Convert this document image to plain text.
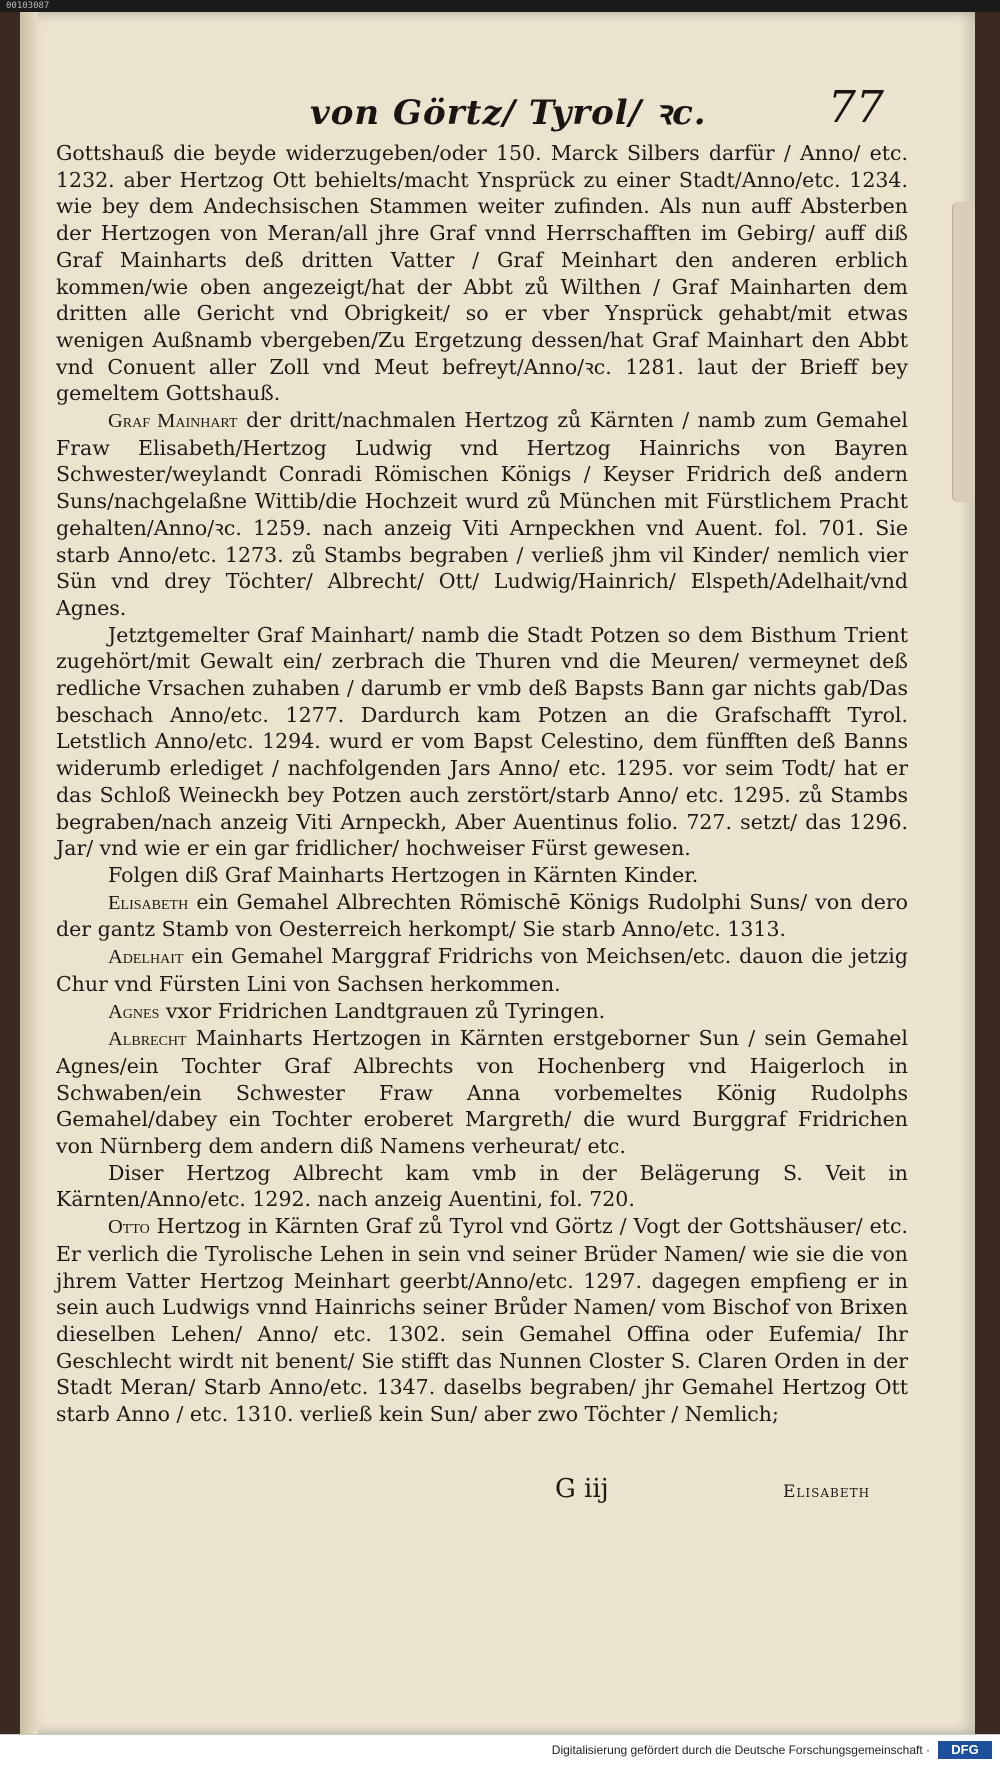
00103087
von Görtz/ Tyrol/ ꝛc.	77

Gottshauß die beyde widerzugeben/oder 150. Marck Silbers darfür / Anno/ etc. 1232. aber Hertzog Ott behielts/macht Ynsprück zu einer Stadt/Anno/etc. 1234. wie bey dem Andechsischen Stammen weiter zufinden. Als nun auff Absterben der Hertzogen von Meran/all jhre Graf vnnd Herrschafften im Gebirg/ auff diß Graf Mainharts deß dritten Vatter / Graf Meinhart den anderen erblich kommen/wie oben angezeigt/hat der Abbt zů Wilthen / Graf Mainharten dem dritten alle Gericht vnd Obrigkeit/ so er vber Ynsprück gehabt/mit etwas wenigen Außnamb vbergeben/Zu Ergetzung dessen/hat Graf Mainhart den Abbt vnd Conuent aller Zoll vnd Meut befreyt/Anno/ꝛc. 1281. laut der Brieff bey gemeltem Gottshauß.

Graf Mainhart der dritt/nachmalen Hertzog zů Kärnten / namb zum Gemahel Fraw Elisabeth/Hertzog Ludwig vnd Hertzog Hainrichs von Bayren Schwester/weylandt Conradi Römischen Königs / Keyser Fridrich deß andern Suns/nachgelaßne Wittib/die Hochzeit wurd zů München mit Fürstlichem Pracht gehalten/Anno/ꝛc. 1259. nach anzeig Viti Arnpeckhen vnd Auent. fol. 701. Sie starb Anno/etc. 1273. zů Stambs begraben / verließ jhm vil Kinder/ nemlich vier Sün vnd drey Töchter/ Albrecht/ Ott/ Ludwig/Hainrich/ Elspeth/Adelhait/vnd Agnes.

Jetztgemelter Graf Mainhart/ namb die Stadt Potzen so dem Bisthum Trient zugehört/mit Gewalt ein/ zerbrach die Thuren vnd die Meuren/ vermeynet deß redliche Vrsachen zuhaben / darumb er vmb deß Bapsts Bann gar nichts gab/Das beschach Anno/etc. 1277. Dardurch kam Potzen an die Grafschafft Tyrol. Letstlich Anno/etc. 1294. wurd er vom Bapst Celestino, dem fünfften deß Banns widerumb erlediget / nachfolgenden Jars Anno/ etc. 1295. vor seim Todt/ hat er das Schloß Weineckh bey Potzen auch zerstört/starb Anno/ etc. 1295. zů Stambs begraben/nach anzeig Viti Arnpeckh, Aber Auentinus folio. 727. setzt/ das 1296. Jar/ vnd wie er ein gar fridlicher/ hochweiser Fürst gewesen.

Folgen diß Graf Mainharts Hertzogen in Kärnten Kinder.

Elisabeth ein Gemahel Albrechten Römischē Königs Rudolphi Suns/ von dero der gantz Stamb von Oesterreich herkompt/ Sie starb Anno/etc. 1313.

Adelhait ein Gemahel Marggraf Fridrichs von Meichsen/etc. dauon die jetzig Chur vnd Fürsten Lini von Sachsen herkommen.

Agnes vxor Fridrichen Landtgrauen zů Tyringen.

Albrecht Mainharts Hertzogen in Kärnten erstgeborner Sun / sein Gemahel Agnes/ein Tochter Graf Albrechts von Hochenberg vnd Haigerloch in Schwaben/ein Schwester Fraw Anna vorbemeltes König Rudolphs Gemahel/dabey ein Tochter eroberet Margreth/ die wurd Burggraf Fridrichen von Nürnberg dem andern diß Namens verheurat/ etc.

Diser Hertzog Albrecht kam vmb in der Belägerung S. Veit in Kärnten/Anno/etc. 1292. nach anzeig Auentini, fol. 720.

Otto Hertzog in Kärnten Graf zů Tyrol vnd Görtz / Vogt der Gottshäuser/ etc. Er verlich die Tyrolische Lehen in sein vnd seiner Brüder Namen/ wie sie die von jhrem Vatter Hertzog Meinhart geerbt/Anno/etc. 1297. dagegen empfieng er in sein auch Ludwigs vnnd Hainrichs seiner Brůder Namen/ vom Bischof von Brixen dieselben Lehen/ Anno/ etc. 1302. sein Gemahel Offina oder Eufemia/ Ihr Geschlecht wirdt nit benent/ Sie stifft das Nunnen Closter S. Claren Orden in der Stadt Meran/ Starb Anno/etc. 1347. daselbs begraben/ jhr Gemahel Hertzog Ott starb Anno / etc. 1310. verließ kein Sun/ aber zwo Töchter / Nemlich;

G iij	Elisabeth
Digitalisierung gefördert durch die Deutsche Forschungsgemeinschaft ·	DFG
